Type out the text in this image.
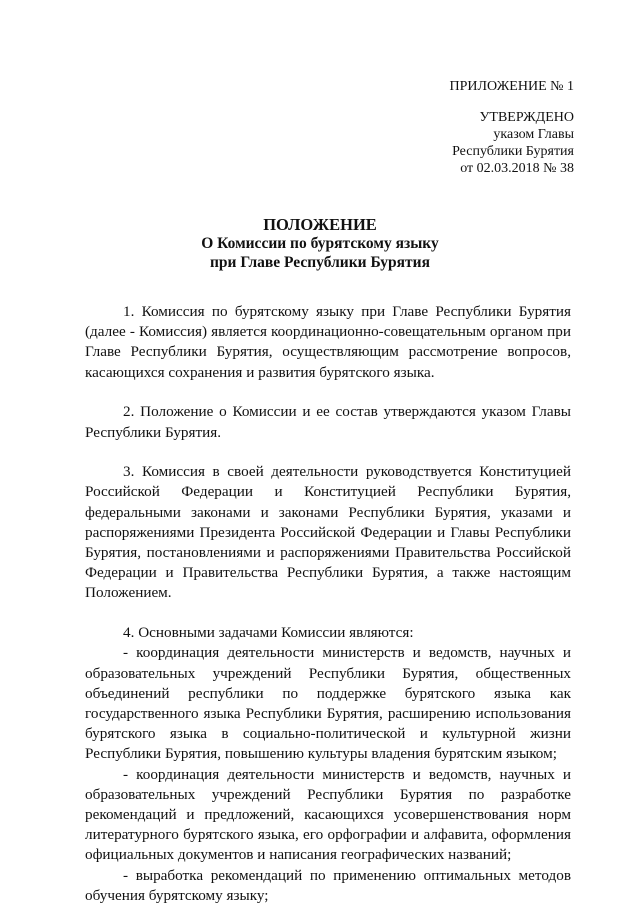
ПРИЛОЖЕНИЕ № 1
УТВЕРЖДЕНО
указом Главы
Республики Бурятия
от 02.03.2018 № 38
ПОЛОЖЕНИЕ
О Комиссии по бурятскому языку
при Главе Республики Бурятия

1. Комиссия по бурятскому языку при Главе Республики Бурятия (далее - Комиссия) является координационно-совещательным органом при Главе Республики Бурятия, осуществляющим рассмотрение вопросов, касающихся сохранения и развития бурятского языка.

2. Положение о Комиссии и ее состав утверждаются указом Главы Республики Бурятия.

3. Комиссия в своей деятельности руководствуется Конституцией Российской Федерации и Конституцией Республики Бурятия, федеральными законами и законами Республики Бурятия, указами и распоряжениями Президента Российской Федерации и Главы Республики Бурятия, постановлениями и распоряжениями Правительства Российской Федерации и Правительства Республики Бурятия, а также настоящим Положением.

4. Основными задачами Комиссии являются:

- координация деятельности министерств и ведомств, научных и образовательных учреждений Республики Бурятия, общественных объединений республики по поддержке бурятского языка как государственного языка Республики Бурятия, расширению использования бурятского языка в социально-политической и культурной жизни Республики Бурятия, повышению культуры владения бурятским языком;

- координация деятельности министерств и ведомств, научных и образовательных учреждений Республики Бурятия по разработке рекомендаций и предложений, касающихся усовершенствования норм литературного бурятского языка, его орфографии и алфавита, оформления официальных документов и написания географических названий;

- выработка рекомендаций по применению оптимальных методов обучения бурятскому языку;
